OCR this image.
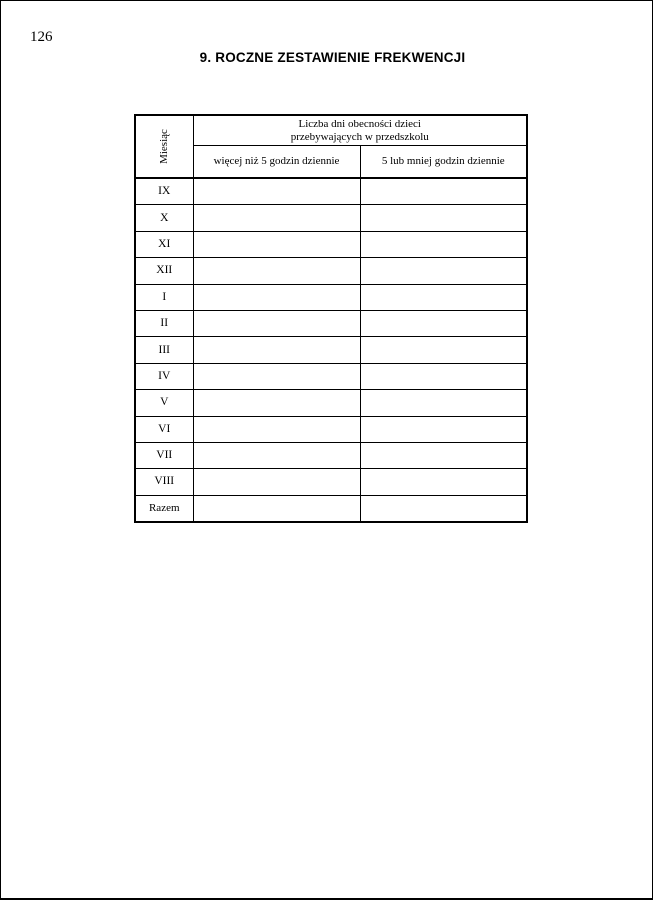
126
9. ROCZNE ZESTAWIENIE FREKWENCJI
Miesiąc	Liczba dni obecności dzieci
przebywających w przedszkolu	

	więcej niż 5 godzin dziennie	5 lub mniej godzin dziennie
IX		
X		
XI		
XII		
I		
II		
III		
IV		
V		
VI		
VII		
VIII		
Razem		
